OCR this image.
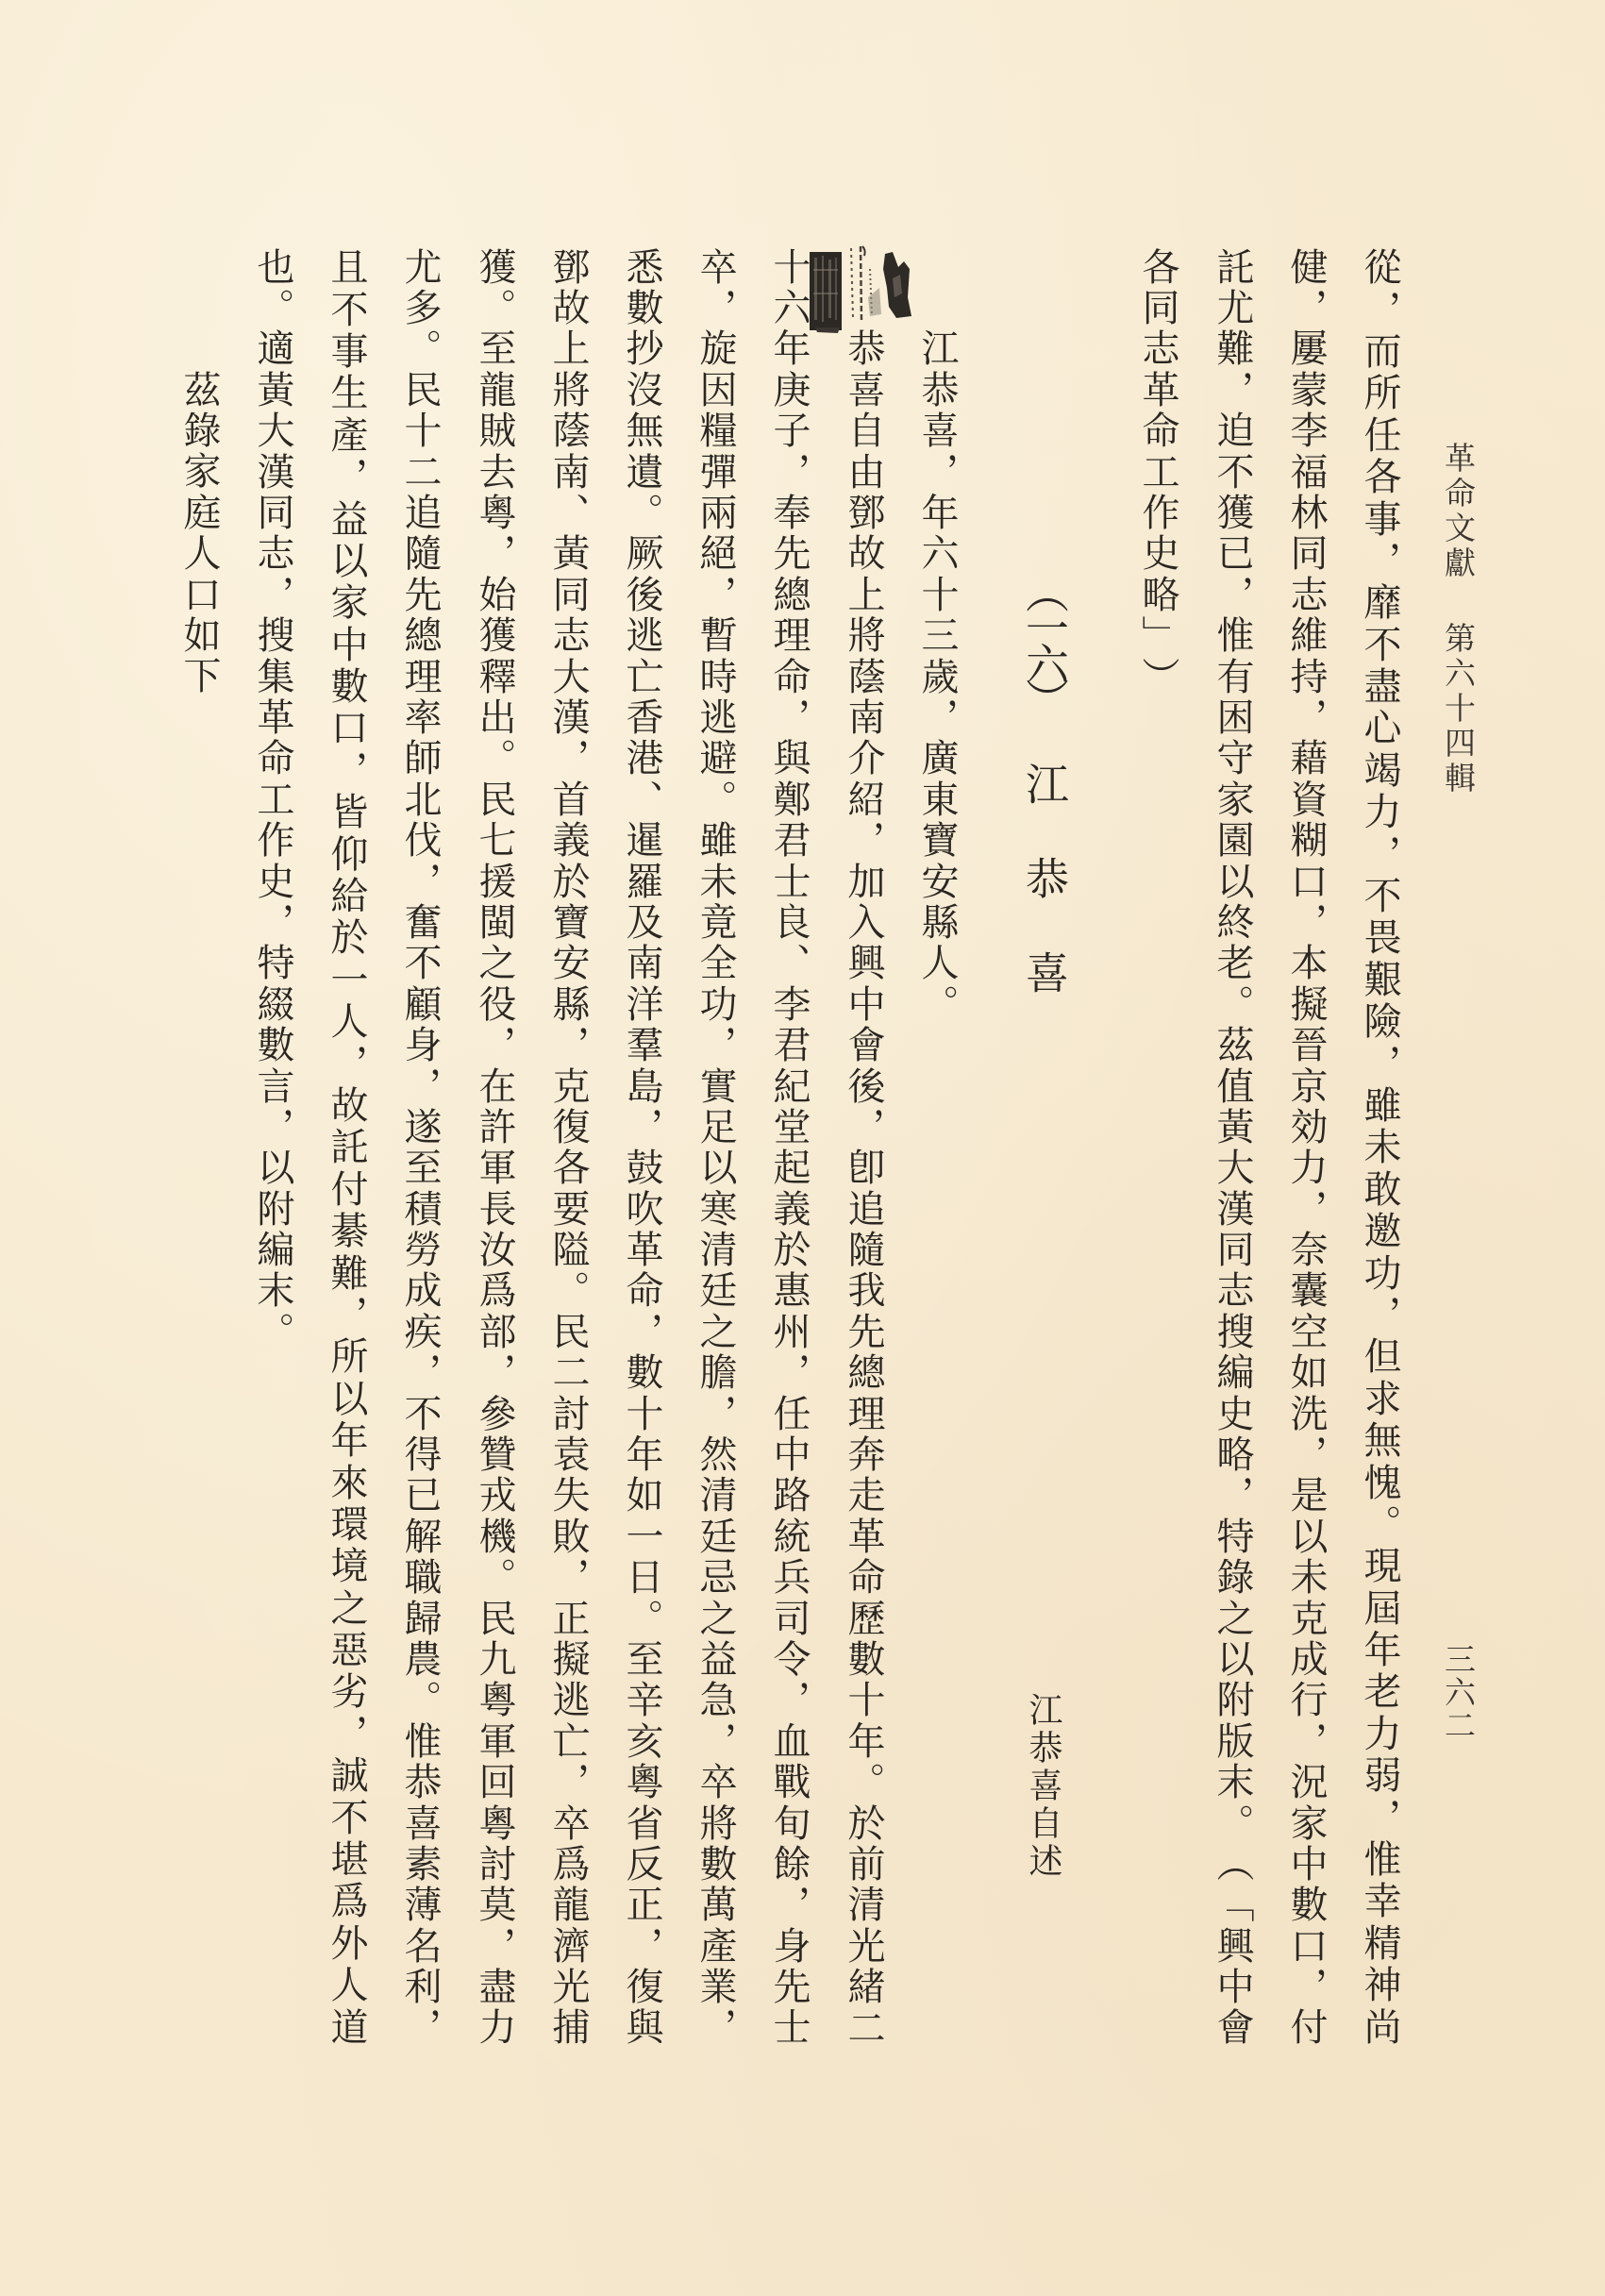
革
命
文
獻
第
六
十
四
輯
三
六
二
從
，
而
所
任
各
事
，
靡
不
盡
心
竭
力
，
不
畏
艱
險
，
雖
未
敢
邀
功
，
但
求
無
愧
。
現
屆
年
老
力
弱
，
惟
幸
精
神
尚
健
，
屢
蒙
李
福
林
同
志
維
持
，
藉
資
糊
口
，
本
擬
晉
京
効
力
，
奈
囊
空
如
洗
，
是
以
未
克
成
行
，
況
家
中
數
口
，
付
託
尤
難
，
迫
不
獲
已
，
惟
有
困
守
家
園
以
終
老
。
茲
值
黃
大
漢
同
志
搜
編
史
略
，
特
錄
之
以
附
版
末
。
（
「
興
中
會
各
同
志
革
命
工
作
史
略
」
）
（
一
六
）
江
恭
喜
江
恭
喜
自
述
江
恭
喜
，
年
六
十
三
歲
，
廣
東
寶
安
縣
人
。
恭
喜
自
由
鄧
故
上
將
蔭
南
介
紹
，
加
入
興
中
會
後
，
卽
追
隨
我
先
總
理
奔
走
革
命
歷
數
十
年
。
於
前
清
光
緒
二
十
六
年
庚
子
，
奉
先
總
理
命
，
與
鄭
君
士
良
、
李
君
紀
堂
起
義
於
惠
州
，
任
中
路
統
兵
司
令
，
血
戰
旬
餘
，
身
先
士
卒
，
旋
因
糧
彈
兩
絕
，
暫
時
逃
避
。
雖
未
竟
全
功
，
實
足
以
寒
清
廷
之
膽
，
然
清
廷
忌
之
益
急
，
卒
將
數
萬
產
業
，
悉
數
抄
沒
無
遺
。
厥
後
逃
亡
香
港
、
暹
羅
及
南
洋
羣
島
，
鼓
吹
革
命
，
數
十
年
如
一
日
。
至
辛
亥
粵
省
反
正
，
復
與
鄧
故
上
將
蔭
南
、
黃
同
志
大
漢
，
首
義
於
寶
安
縣
，
克
復
各
要
隘
。
民
二
討
袁
失
敗
，
正
擬
逃
亡
，
卒
爲
龍
濟
光
捕
獲
。
至
龍
賊
去
粵
，
始
獲
釋
出
。
民
七
援
閩
之
役
，
在
許
軍
長
汝
爲
部
，
參
贊
戎
機
。
民
九
粵
軍
回
粵
討
莫
，
盡
力
尤
多
。
民
十
二
追
隨
先
總
理
率
師
北
伐
，
奮
不
顧
身
，
遂
至
積
勞
成
疾
，
不
得
已
解
職
歸
農
。
惟
恭
喜
素
薄
名
利
，
且
不
事
生
產
，
益
以
家
中
數
口
，
皆
仰
給
於
一
人
，
故
託
付
綦
難
，
所
以
年
來
環
境
之
惡
劣
，
誠
不
堪
爲
外
人
道
也
。
適
黃
大
漢
同
志
，
搜
集
革
命
工
作
史
，
特
綴
數
言
，
以
附
編
末
。
茲
錄
家
庭
人
口
如
下
